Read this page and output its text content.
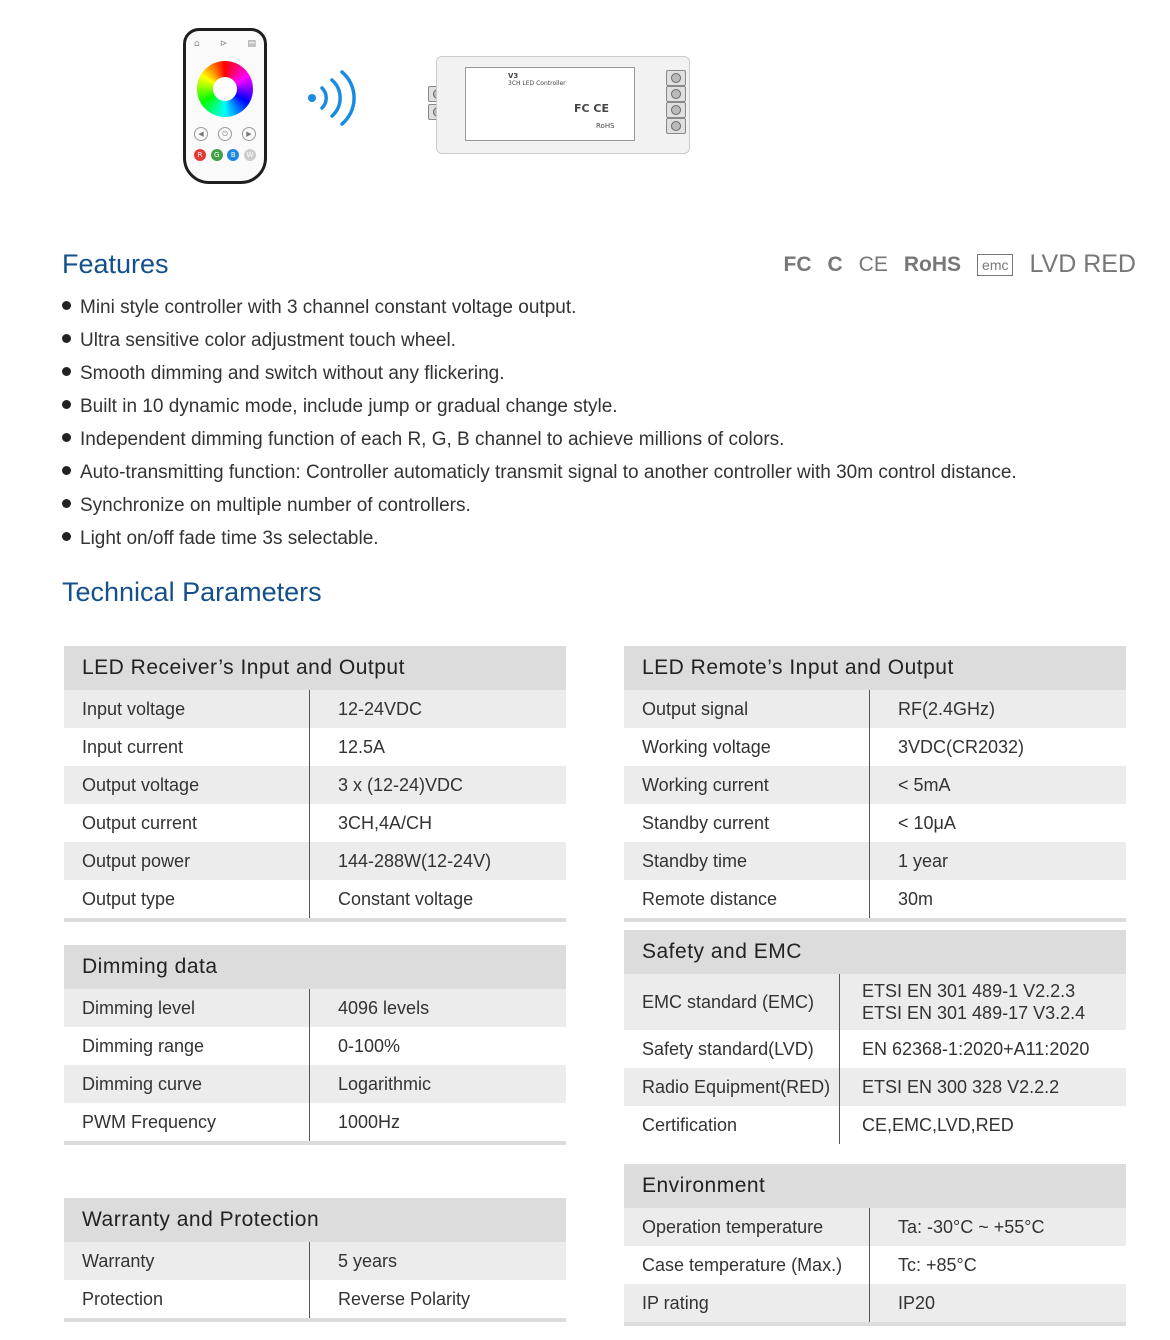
⌂ ⊳ ▤
◀	⏻	▶
R	G	B	W
V3
3CH LED Controller
FC CE
RoHS
Features	FC C CE RoHS	emc LVD RED
Mini style controller with 3 channel constant voltage output.
Ultra sensitive color adjustment touch wheel.
Smooth dimming and switch without any flickering.
Built in 10 dynamic mode, include jump or gradual change style.
Independent dimming function of each R, G, B channel to achieve millions of colors.
Auto-transmitting function: Controller automaticly transmit signal to another controller with 30m control distance.
Synchronize on multiple number of controllers.
Light on/off fade time 3s selectable.
Technical Parameters
LED Receiver’s Input and Output
Input voltage	12-24VDC
Input current	12.5A
Output voltage	3 x (12-24)VDC
Output current	3CH,4A/CH
Output power	144-288W(12-24V)
Output type	Constant voltage
Dimming data
Dimming level	4096 levels
Dimming range	0-100%
Dimming curve	Logarithmic
PWM Frequency	1000Hz
Warranty and Protection
Warranty	5 years
Protection	Reverse Polarity
LED Remote’s Input and Output
Output signal	RF(2.4GHz)
Working voltage	3VDC(CR2032)
Working current	< 5mA
Standby current	< 10μA
Standby time	1 year
Remote distance	30m
Safety and EMC
EMC standard (EMC)
ETSI EN 301 489-1 V2.2.3
ETSI EN 301 489-17 V3.2.4
Safety standard(LVD)	EN 62368-1:2020+A11:2020
Radio Equipment(RED)	ETSI EN 300 328 V2.2.2
Certification	CE,EMC,LVD,RED
Environment
Operation temperature	Ta: -30°C ~ +55°C
Case temperature (Max.)	Tc: +85°C
IP rating	IP20
